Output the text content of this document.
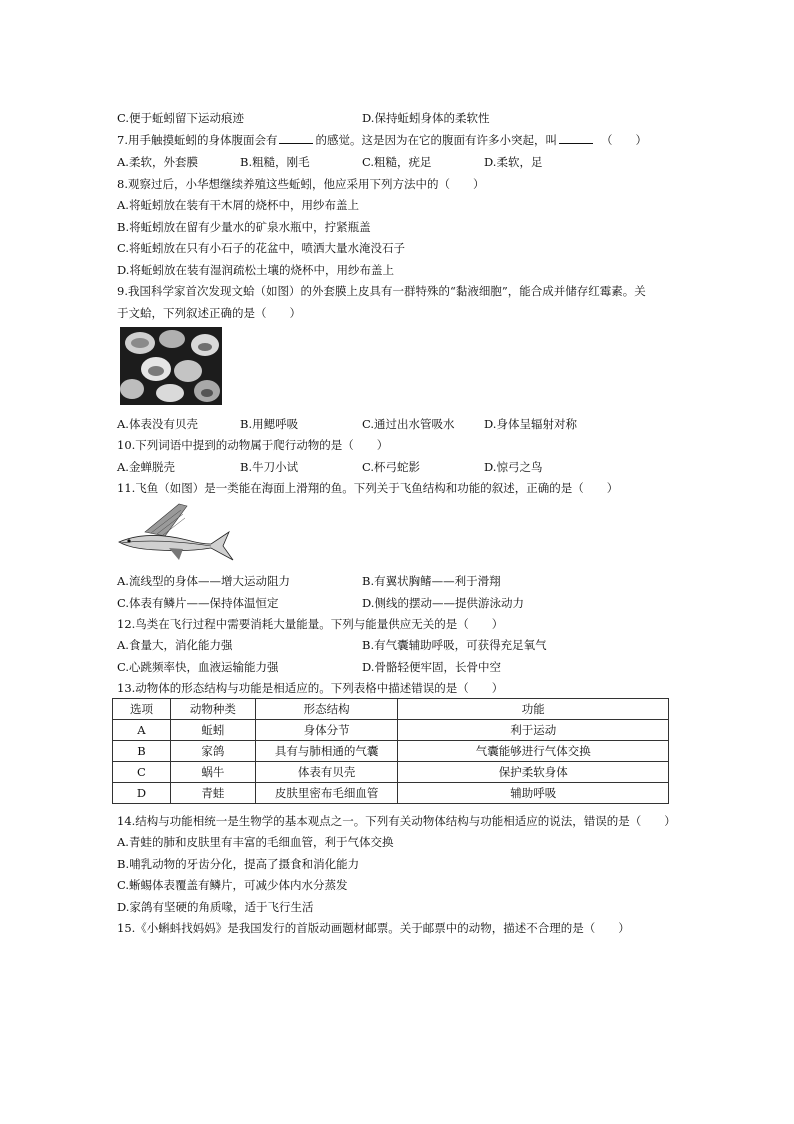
C.便于蚯蚓留下运动痕迹	D.保持蚯蚓身体的柔软性
7.用手触摸蚯蚓的身体腹面会有	的感觉。这是因为在它的腹面有许多小突起，叫	（　　）
A.柔软，外套膜	B.粗糙，刚毛	C.粗糙，疣足	D.柔软，足
8.观察过后，小华想继续养殖这些蚯蚓，他应采用下列方法中的（　　）
A.将蚯蚓放在装有干木屑的烧杯中，用纱布盖上
B.将蚯蚓放在留有少量水的矿泉水瓶中，拧紧瓶盖
C.将蚯蚓放在只有小石子的花盆中，喷洒大量水淹没石子
D.将蚯蚓放在装有湿润疏松土壤的烧杯中，用纱布盖上
9.我国科学家首次发现文蛤（如图）的外套膜上皮具有一群特殊的“黏液细胞”，能合成并储存红霉素。关
于文蛤，下列叙述正确的是（　　）
A.体表没有贝壳	B.用鳃呼吸	C.通过出水管吸水	D.身体呈辐射对称
10.下列词语中提到的动物属于爬行动物的是（　　）
A.金蝉脱壳	B.牛刀小试	C.杯弓蛇影	D.惊弓之鸟
11.飞鱼（如图）是一类能在海面上滑翔的鱼。下列关于飞鱼结构和功能的叙述，正确的是（　　）
A.流线型的身体——增大运动阻力	B.有翼状胸鳍——利于滑翔
C.体表有鳞片——保持体温恒定	D.侧线的摆动——提供游泳动力
12.鸟类在飞行过程中需要消耗大量能量。下列与能量供应无关的是（　　）
A.食量大，消化能力强	B.有气囊辅助呼吸，可获得充足氧气
C.心跳频率快，血液运输能力强	D.骨骼轻便牢固，长骨中空
13.动物体的形态结构与功能是相适应的。下列表格中描述错误的是（　　）
选项	动物种类	形态结构	功能
A	蚯蚓	身体分节	利于运动
B	家鸽	具有与肺相通的气囊	气囊能够进行气体交换
C	蜗牛	体表有贝壳	保护柔软身体
D	青蛙	皮肤里密布毛细血管	辅助呼吸
14.结构与功能相统一是生物学的基本观点之一。下列有关动物体结构与功能相适应的说法，错误的是（　　）
A.青蛙的肺和皮肤里有丰富的毛细血管，利于气体交换
B.哺乳动物的牙齿分化，提高了摄食和消化能力
C.蜥蜴体表覆盖有鳞片，可减少体内水分蒸发
D.家鸽有坚硬的角质喙，适于飞行生活
15.《小蝌蚪找妈妈》是我国发行的首版动画题材邮票。关于邮票中的动物，描述不合理的是（　　）
